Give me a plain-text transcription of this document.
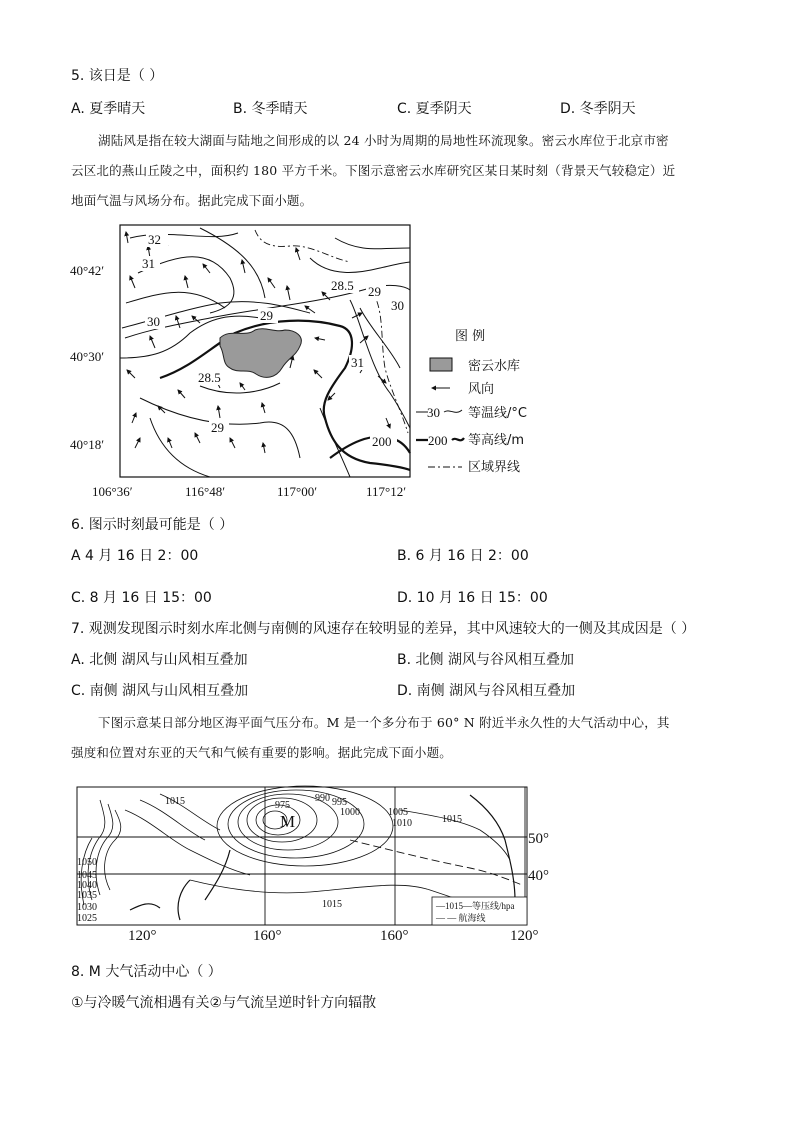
5. 该日是（ ）
A. 夏季晴天	B. 冬季晴天	C. 夏季阴天	D. 冬季阴天
湖陆风是指在较大湖面与陆地之间形成的以 24 小时为周期的局地性环流现象。密云水库位于北京市密
云区北的燕山丘陵之中，面积约 180 平方千米。下图示意密云水库研究区某日某时刻（背景天气较稳定）近
地面气温与风场分布。据此完成下面小题。
32
31
30	29
28.5
28.5 29
30
31
29
200
40°42′
40°30′
40°18′
106°36′	116°48′	117°00′	117°12′
图 例
密云水库
风向
30 等温线/°C
200 等高线/m
区域界线
6. 图示时刻最可能是（ ）
A 4 月 16 日 2：00	B. 6 月 16 日 2：00
C. 8 月 16 日 15：00	D. 10 月 16 日 15：00
7. 观测发现图示时刻水库北侧与南侧的风速存在较明显的差异，其中风速较大的一侧及其成因是（ ）
A. 北侧 湖风与山风相互叠加	B. 北侧 湖风与谷风相互叠加
C. 南侧 湖风与山风相互叠加	D. 南侧 湖风与谷风相互叠加
下图示意某日部分地区海平面气压分布。M 是一个多分布于 60° N 附近半永久性的大气活动中心，其
强度和位置对东亚的天气和气候有重要的影响。据此完成下面小题。
1015	975
990 995
1000	1005
1010	1015
1050
1045
1040
1035
1030
1025
1015
M
50°
40°
120°	160°	160°	120°
—1015—等压线/hpa
— — 航海线
8. M 大气活动中心（ ）
①与冷暖气流相遇有关②与气流呈逆时针方向辐散
